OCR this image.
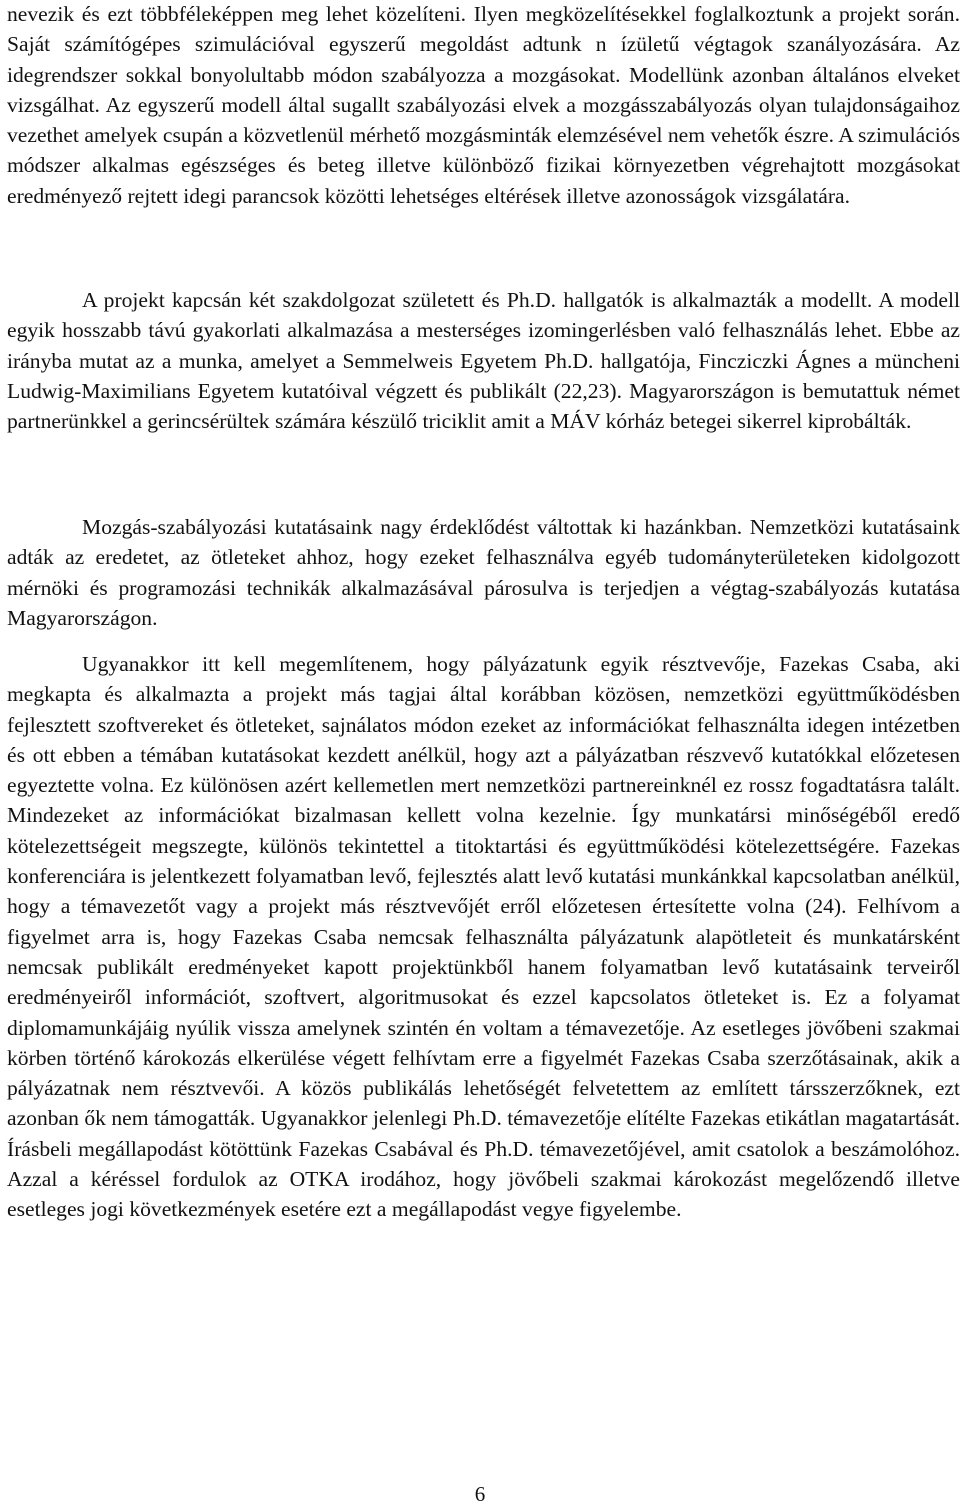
nevezik és ezt többféleképpen meg lehet közelíteni. Ilyen megközelítésekkel foglalkoztunk a projekt során. Saját számítógépes szimulációval egyszerű megoldást adtunk n ízületű végtagok szanályozására. Az idegrendszer sokkal bonyolultabb módon szabályozza a mozgásokat. Modellünk azonban általános elveket vizsgálhat. Az egyszerű modell által sugallt szabályozási elvek a mozgásszabályozás olyan tulajdonságaihoz vezethet amelyek csupán a közvetlenül mérhető mozgásminták elemzésével nem vehetők észre. A szimulációs módszer alkalmas egészséges és beteg illetve különböző fizikai környezetben végrehajtott mozgásokat eredményező rejtett idegi parancsok közötti lehetséges eltérések illetve azonosságok vizsgálatára.

A projekt kapcsán két szakdolgozat született és Ph.D. hallgatók is alkalmazták a modellt. A modell egyik hosszabb távú gyakorlati alkalmazása a mesterséges izomingerlésben való felhasználás lehet. Ebbe az irányba mutat az a munka, amelyet a Semmelweis Egyetem Ph.D. hallgatója, Fincziczki Ágnes a müncheni Ludwig-Maximilians Egyetem kutatóival végzett és publikált (22,23). Magyarországon is bemutattuk német partnerünkkel a gerincsérültek számára készülő triciklit amit a MÁV kórház betegei sikerrel kiprobálták.

Mozgás-szabályozási kutatásaink nagy érdeklődést váltottak ki hazánkban. Nemzetközi kutatásaink adták az eredetet, az ötleteket ahhoz, hogy ezeket felhasználva egyéb tudományterületeken kidolgozott mérnöki és programozási technikák alkalmazásával párosulva is terjedjen a végtag-szabályozás kutatása Magyarországon.

Ugyanakkor itt kell megemlítenem, hogy pályázatunk egyik résztvevője, Fazekas Csaba, aki megkapta és alkalmazta a projekt más tagjai által korábban közösen, nemzetközi együttműködésben fejlesztett szoftvereket és ötleteket, sajnálatos módon ezeket az információkat felhasználta idegen intézetben és ott ebben a témában kutatásokat kezdett anélkül, hogy azt a pályázatban részvevő kutatókkal előzetesen egyeztette volna. Ez különösen azért kellemetlen mert nemzetközi partnereinknél ez rossz fogadtatásra talált. Mindezeket az információkat bizalmasan kellett volna kezelnie. Így munkatársi minőségéből eredő kötelezettségeit megszegte, különös tekintettel a titoktartási és együttműködési kötelezettségére. Fazekas konferenciára is jelentkezett folyamatban levő, fejlesztés alatt levő kutatási munkánkkal kapcsolatban anélkül, hogy a témavezetőt vagy a projekt más résztvevőjét erről előzetesen értesítette volna (24). Felhívom a figyelmet arra is, hogy Fazekas Csaba nemcsak felhasználta pályázatunk alapötleteit és munkatársként nemcsak publikált eredményeket kapott projektünkből hanem folyamatban levő kutatásaink terveiről eredményeiről információt, szoftvert, algoritmusokat és ezzel kapcsolatos ötleteket is. Ez a folyamat diplomamunkájáig nyúlik vissza amelynek szintén én voltam a témavezetője. Az esetleges jövőbeni szakmai körben történő károkozás elkerülése végett felhívtam erre a figyelmét Fazekas Csaba szerzőtásainak, akik a pályázatnak nem résztvevői. A közös publikálás lehetőségét felvetettem az említett társszerzőknek, ezt azonban ők nem támogatták. Ugyanakkor jelenlegi Ph.D. témavezetője elítélte Fazekas etikátlan magatartását. Írásbeli megállapodást kötöttünk Fazekas Csabával és Ph.D. témavezetőjével, amit csatolok a beszámolóhoz. Azzal a kéréssel fordulok az OTKA irodához, hogy jövőbeli szakmai károkozást megelőzendő illetve esetleges jogi következmények esetére ezt a megállapodást vegye figyelembe.

6
